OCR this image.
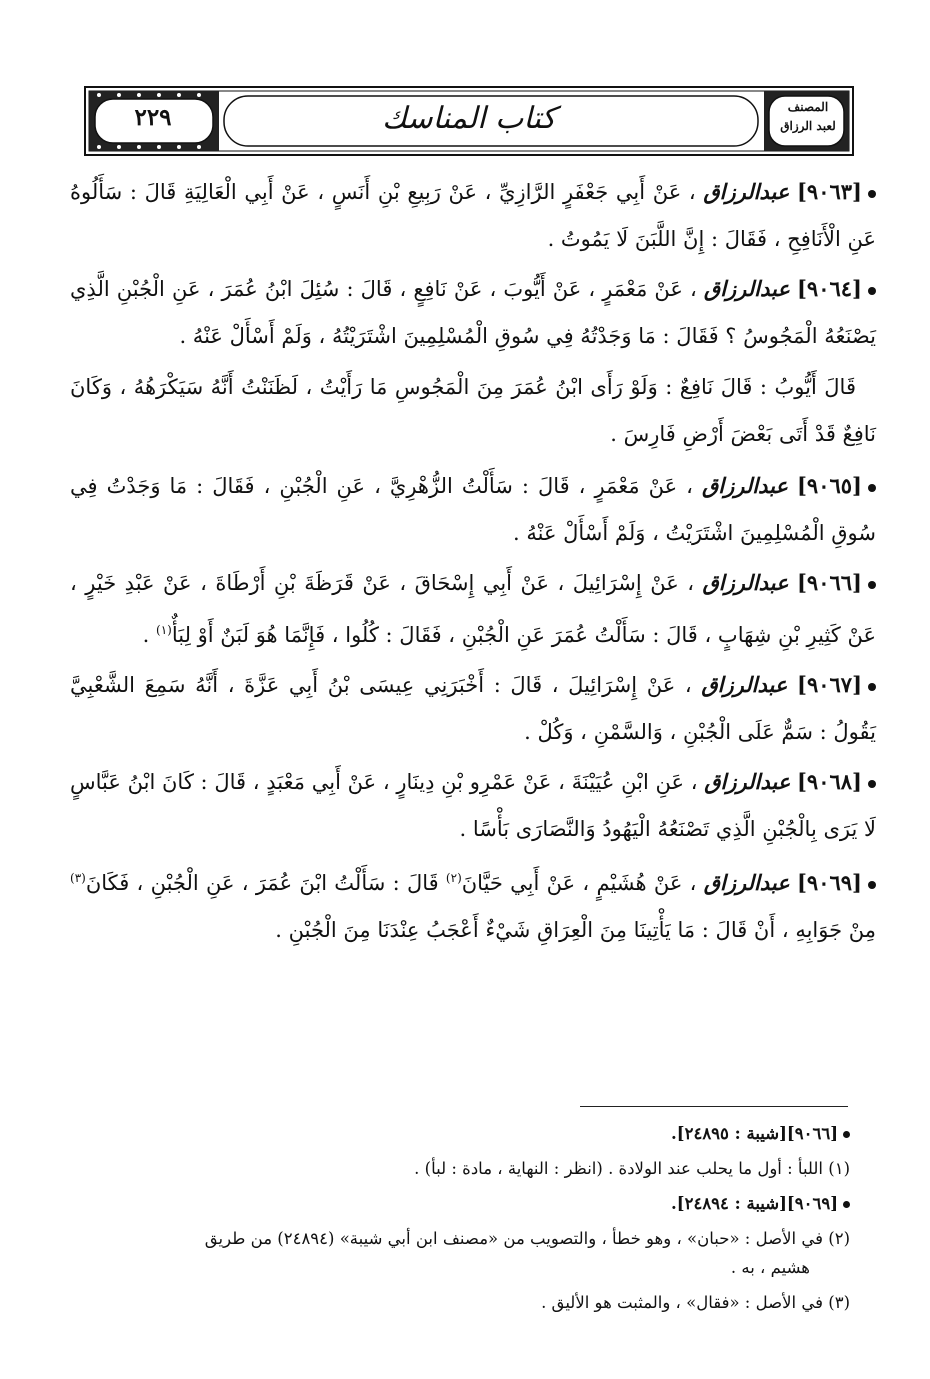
٢٢٩	كتاب المناسك	المصنف
لعبد الرزاق
[٩٠٦٣] عبدالرزاق ، عَنْ أَبِي جَعْفَرٍ الرَّازِيِّ ، عَنْ رَبِيعِ بْنِ أَنَسٍ ، عَنْ أَبِي الْعَالِيَةِ قَالَ : سَأَلُوهُ عَنِ الْأَنَافِحِ ، فَقَالَ : إِنَّ اللَّبَنَ لَا يَمُوتُ .
[٩٠٦٤] عبدالرزاق ، عَنْ مَعْمَرٍ ، عَنْ أَيُّوبَ ، عَنْ نَافِعٍ ، قَالَ : سُئِلَ ابْنُ عُمَرَ ، عَنِ الْجُبْنِ الَّذِي يَصْنَعُهُ الْمَجُوسُ ؟ فَقَالَ : مَا وَجَدْتُهُ فِي سُوقِ الْمُسْلِمِينَ اشْتَرَيْتُهُ ، وَلَمْ أَسْأَلْ عَنْهُ .
قَالَ أَيُّوبُ : قَالَ نَافِعٌ : وَلَوْ رَأَى ابْنُ عُمَرَ مِنَ الْمَجُوسِ مَا رَأَيْتُ ، لَظَنَنْتُ أَنَّهُ سَيَكْرَهُهُ ، وَكَانَ نَافِعٌ قَدْ أَتَى بَعْضَ أَرْضِ فَارِسَ .
[٩٠٦٥] عبدالرزاق ، عَنْ مَعْمَرٍ ، قَالَ : سَأَلْتُ الزُّهْرِيَّ ، عَنِ الْجُبْنِ ، فَقَالَ : مَا وَجَدْتُ فِي سُوقِ الْمُسْلِمِينَ اشْتَرَيْتُ ، وَلَمْ أَسْأَلْ عَنْهُ .
[٩٠٦٦] عبدالرزاق ، عَنْ إِسْرَائِيلَ ، عَنْ أَبِي إِسْحَاقَ ، عَنْ قَرَظَةَ بْنِ أَرْطَاةَ ، عَنْ عَبْدِ خَيْرٍ ، عَنْ كَثِيرِ بْنِ شِهَابٍ ، قَالَ : سَأَلْتُ عُمَرَ عَنِ الْجُبْنِ ، فَقَالَ : كُلُوا ، فَإِنَّمَا هُوَ لَبَنٌ أَوْ لِبَأٌ$^{(١)}$ .
[٩٠٦٧] عبدالرزاق ، عَنْ إِسْرَائِيلَ ، قَالَ : أَخْبَرَنِي عِيسَى بْنُ أَبِي عَزَّةَ ، أَنَّهُ سَمِعَ الشَّعْبِيَّ يَقُولُ : سَمٌّ عَلَى الْجُبْنِ ، وَالسَّمْنِ ، وَكُلْ .
[٩٠٦٨] عبدالرزاق ، عَنِ ابْنِ عُيَيْنَةَ ، عَنْ عَمْرِو بْنِ دِينَارٍ ، عَنْ أَبِي مَعْبَدٍ ، قَالَ : كَانَ ابْنُ عَبَّاسٍ لَا يَرَى بِالْجُبْنِ الَّذِي تَصْنَعُهُ الْيَهُودُ وَالنَّصَارَى بَأْسًا .
[٩٠٦٩] عبدالرزاق ، عَنْ هُشَيْمٍ ، عَنْ أَبِي حَيَّانَ$^{(٢)}$ قَالَ : سَأَلْتُ ابْنَ عُمَرَ ، عَنِ الْجُبْنِ ، فَكَانَ$^{(٣)}$ مِنْ جَوَابِهِ ، أَنْ قَالَ : مَا يَأْتِينَا مِنَ الْعِرَاقِ شَيْءٌ أَعْجَبُ عِنْدَنَا مِنَ الْجُبْنِ .
[٩٠٦٦][شيبة : ٢٤٨٩٥].
(١) اللبأ : أول ما يحلب عند الولادة . (انظر : النهاية ، مادة : لبأ) .
[٩٠٦٩][شيبة : ٢٤٨٩٤].
(٢) في الأصل : «حبان» ، وهو خطأ ، والتصويب من «مصنف ابن أبي شيبة» (٢٤٨٩٤) من طريق
هشيم ، به .
(٣) في الأصل : «فقال» ، والمثبت هو الأليق .
